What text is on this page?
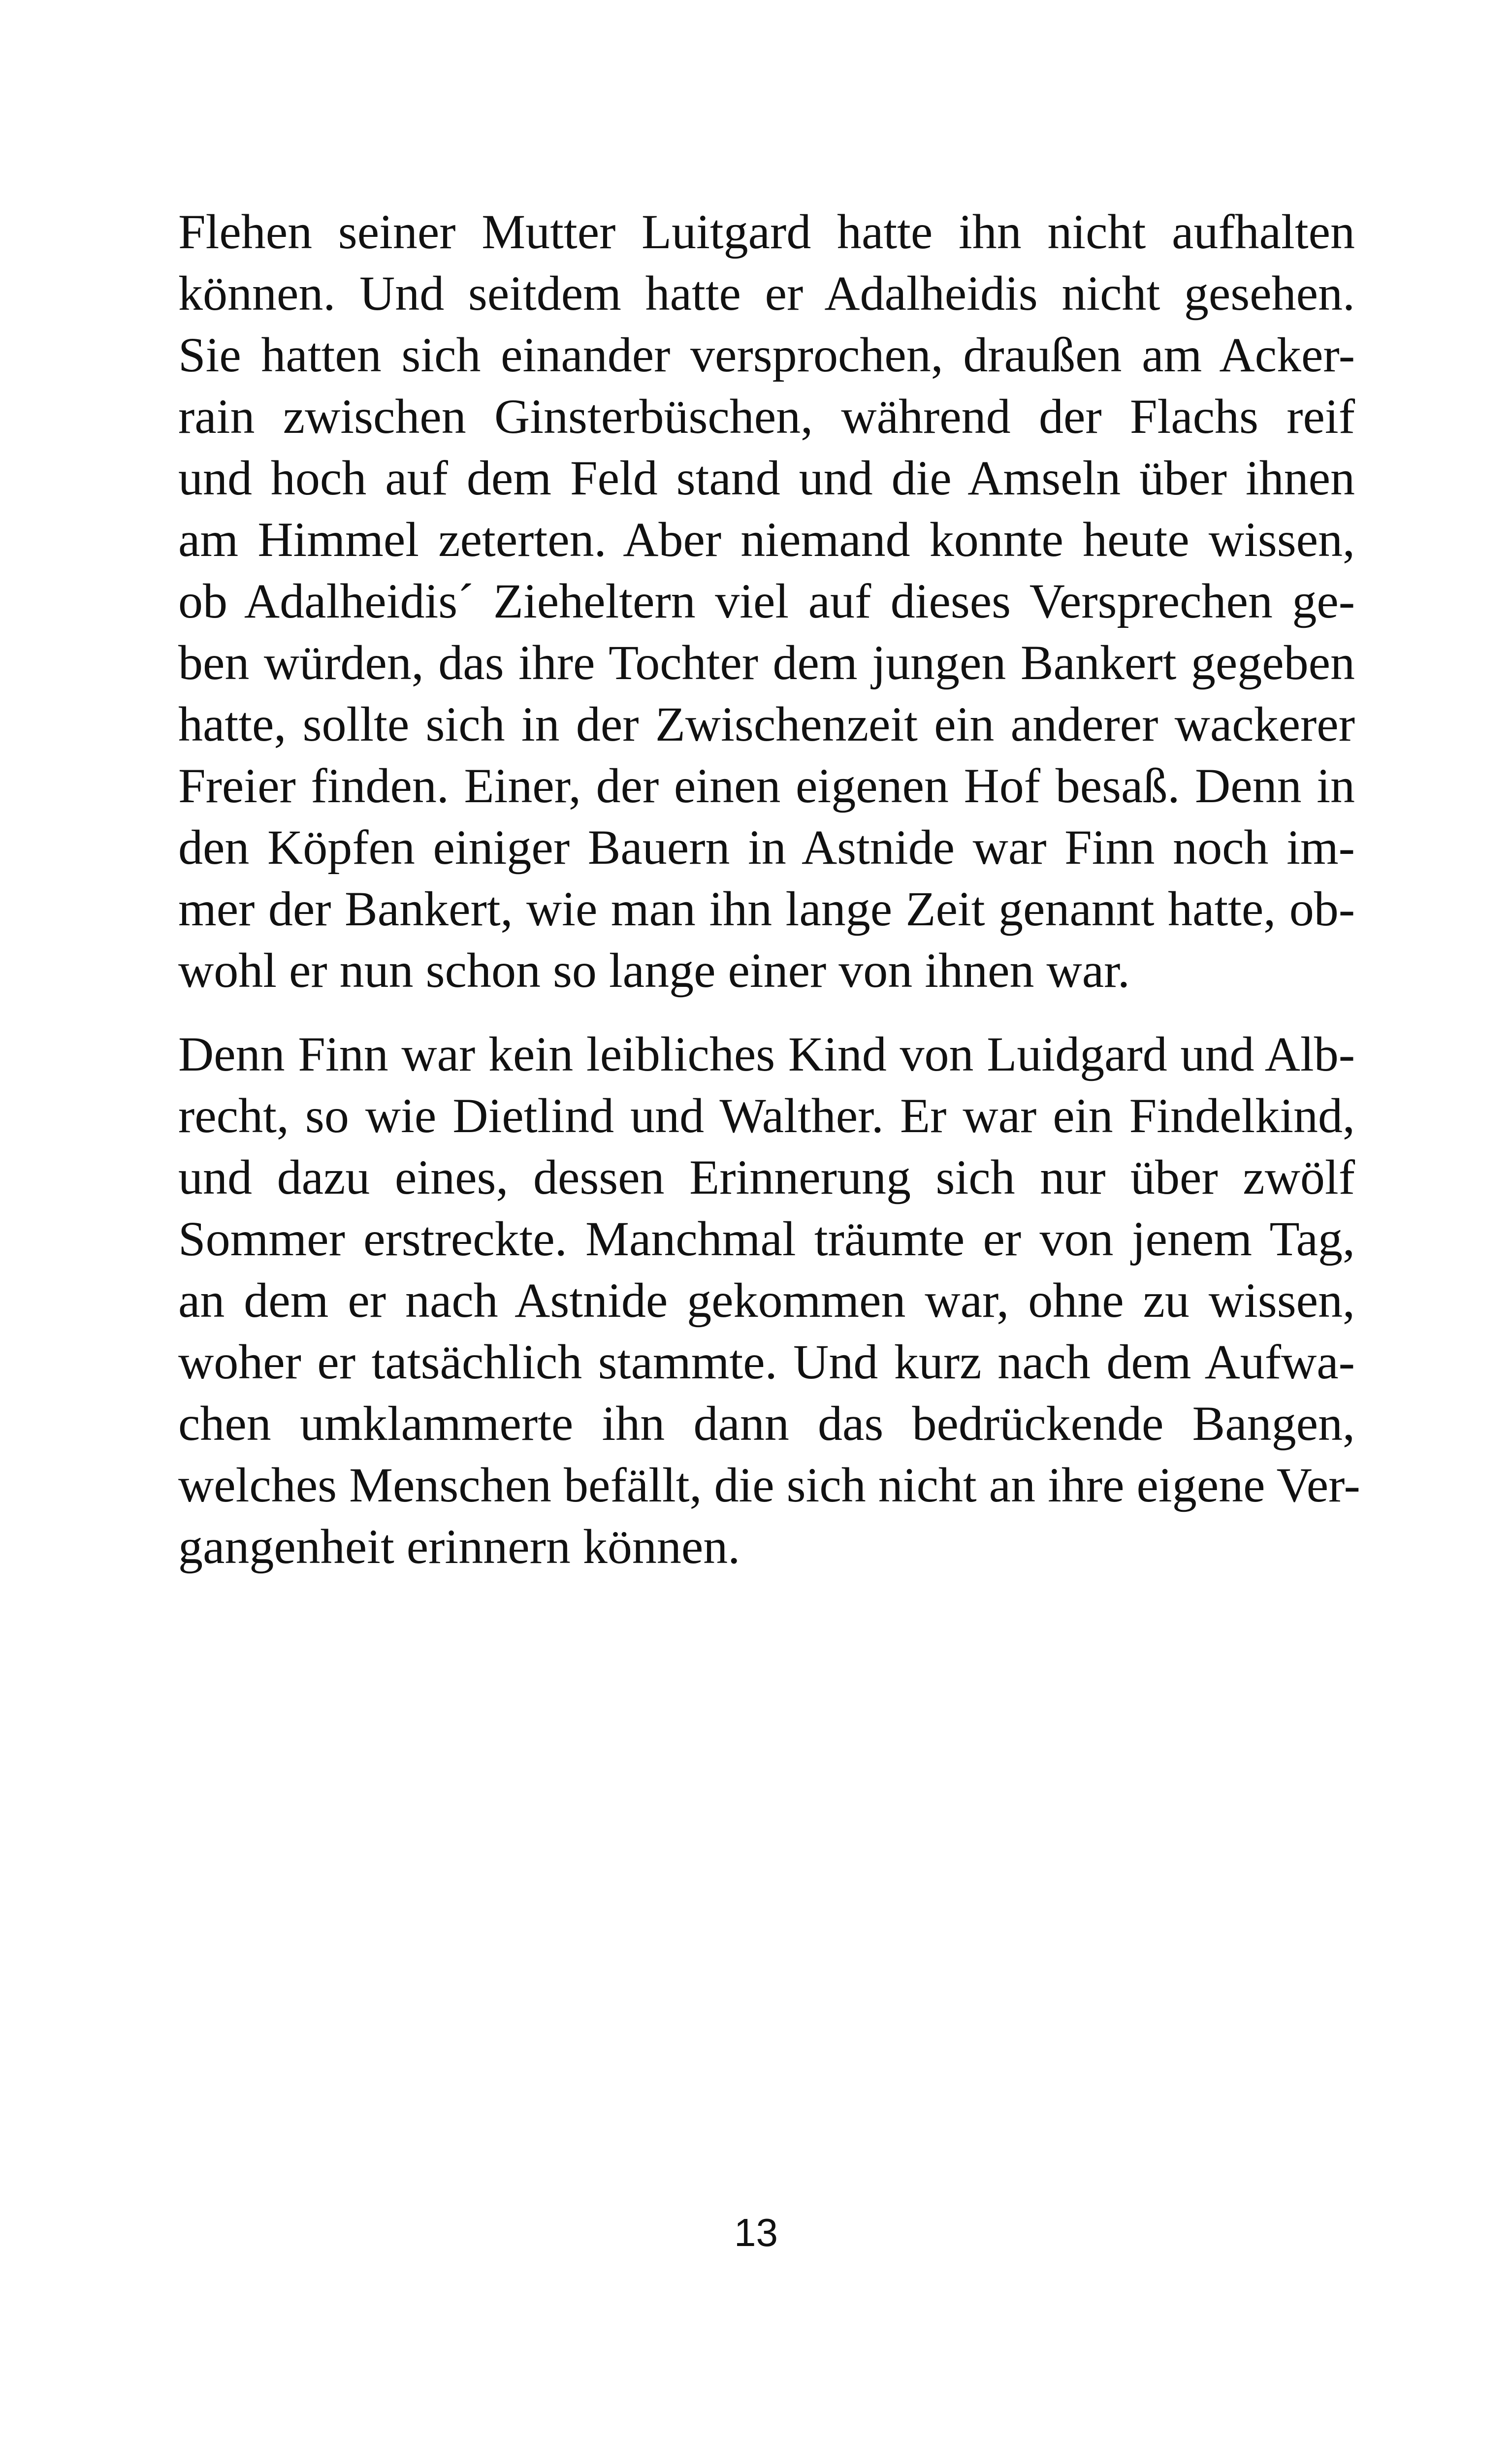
Flehen seiner Mutter Luitgard hatte ihn nicht aufhalten
können. Und seitdem hatte er Adalheidis nicht gesehen.
Sie hatten sich einander versprochen, draußen am Acker-
rain zwischen Ginsterbüschen, während der Flachs reif
und hoch auf dem Feld stand und die Amseln über ihnen
am Himmel zeterten. Aber niemand konnte heute wissen,
ob Adalheidis´ Zieheltern viel auf dieses Versprechen ge-
ben würden, das ihre Tochter dem jungen Bankert gegeben
hatte, sollte sich in der Zwischenzeit ein anderer wackerer
Freier finden. Einer, der einen eigenen Hof besaß. Denn in
den Köpfen einiger Bauern in Astnide war Finn noch im-
mer der Bankert, wie man ihn lange Zeit genannt hatte, ob-
wohl er nun schon so lange einer von ihnen war.

Denn Finn war kein leibliches Kind von Luidgard und Alb-
recht, so wie Dietlind und Walther. Er war ein Findelkind,
und dazu eines, dessen Erinnerung sich nur über zwölf
Sommer erstreckte. Manchmal träumte er von jenem Tag,
an dem er nach Astnide gekommen war, ohne zu wissen,
woher er tatsächlich stammte. Und kurz nach dem Aufwa-
chen umklammerte ihn dann das bedrückende Bangen,
welches Menschen befällt, die sich nicht an ihre eigene Ver-
gangenheit erinnern können.

13
